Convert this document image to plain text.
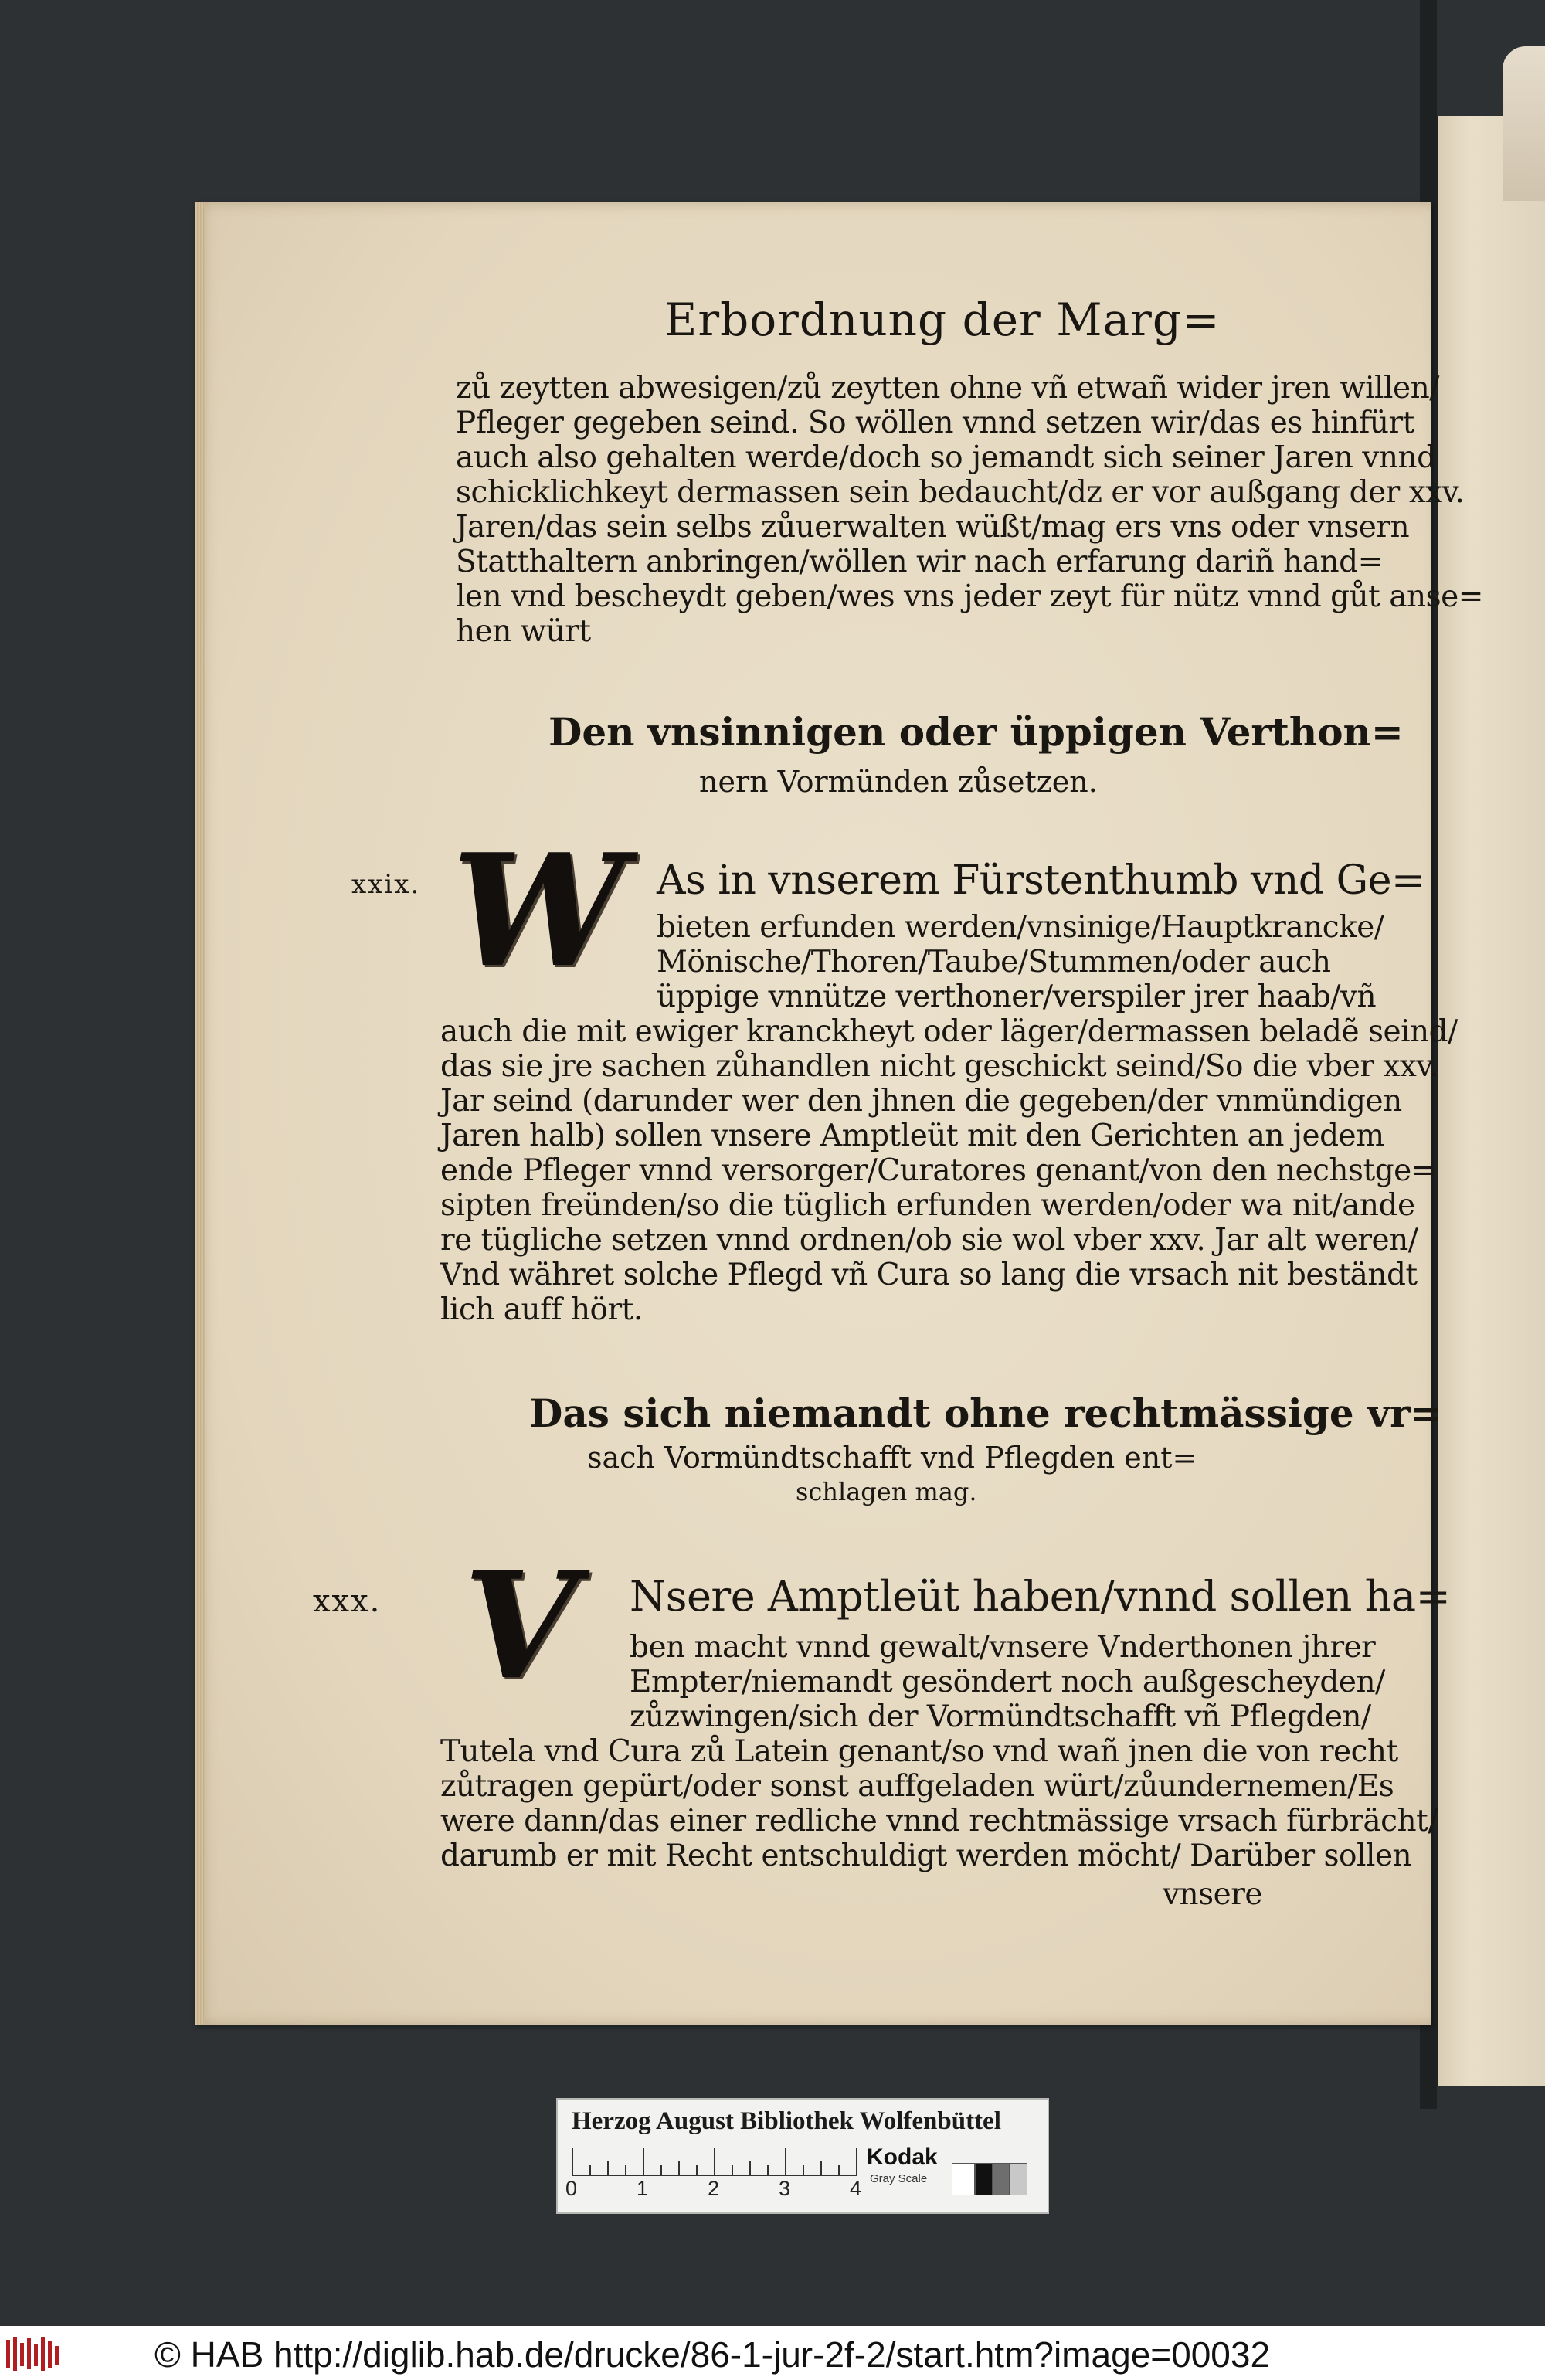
Erbordnung der Marg=
zů zeytten abwesigen/zů zeytten ohne vñ etwañ wider jren willen/
Pfleger gegeben seind. So wöllen vnnd setzen wir/das es hinfürt
auch also gehalten werde/doch so jemandt sich seiner Jaren vnnd
schicklichkeyt dermassen sein bedaucht/dz er vor außgang der xxv.
Jaren/das sein selbs zůuerwalten wüßt/mag ers vns oder vnsern
Statthaltern anbringen/wöllen wir nach erfarung dariñ hand=
len vnd bescheydt geben/wes vns jeder zeyt für nütz vnnd gůt anse=
hen würt
Den vnsinnigen oder üppigen Verthon=
nern Vormünden zůsetzen.
xxix. W As in vnserem Fürstenthumb vnd Ge=
bieten erfunden werden/vnsinige/Hauptkrancke/
Mönische/Thoren/Taube/Stummen/oder auch
üppige vnnütze verthoner/verspiler jrer haab/vñ
auch die mit ewiger kranckheyt oder läger/dermassen beladẽ seind/
das sie jre sachen zůhandlen nicht geschickt seind/So die vber xxv.
Jar seind (darunder wer den jhnen die gegeben/der vnmündigen
Jaren halb) sollen vnsere Amptleüt mit den Gerichten an jedem
ende Pfleger vnnd versorger/Curatores genant/von den nechstge=
sipten freünden/so die tüglich erfunden werden/oder wa nit/ande
re tügliche setzen vnnd ordnen/ob sie wol vber xxv. Jar alt weren/
Vnd währet solche Pflegd vñ Cura so lang die vrsach nit beständt
lich auff hört.
Das sich niemandt ohne rechtmässige vr=
sach Vormündtschafft vnd Pflegden ent=
schlagen mag.
xxx. V Nsere Amptleüt haben/vnnd sollen ha=
ben macht vnnd gewalt/vnsere Vnderthonen jhrer
Empter/niemandt gesöndert noch außgescheyden/
zůzwingen/sich der Vormündtschafft vñ Pflegden/
Tutela vnd Cura zů Latein genant/so vnd wañ jnen die von recht
zůtragen gepürt/oder sonst auffgeladen würt/zůundernemen/Es
were dann/das einer redliche vnnd rechtmässige vrsach fürbrächt/
darumb er mit Recht entschuldigt werden möcht/ Darüber sollen
vnsere
Herzog August Bibliothek Wolfenbüttel
0	1	2	3	4
Kodak
Gray Scale
© HAB http://diglib.hab.de/drucke/86-1-jur-2f-2/start.htm?image=00032
